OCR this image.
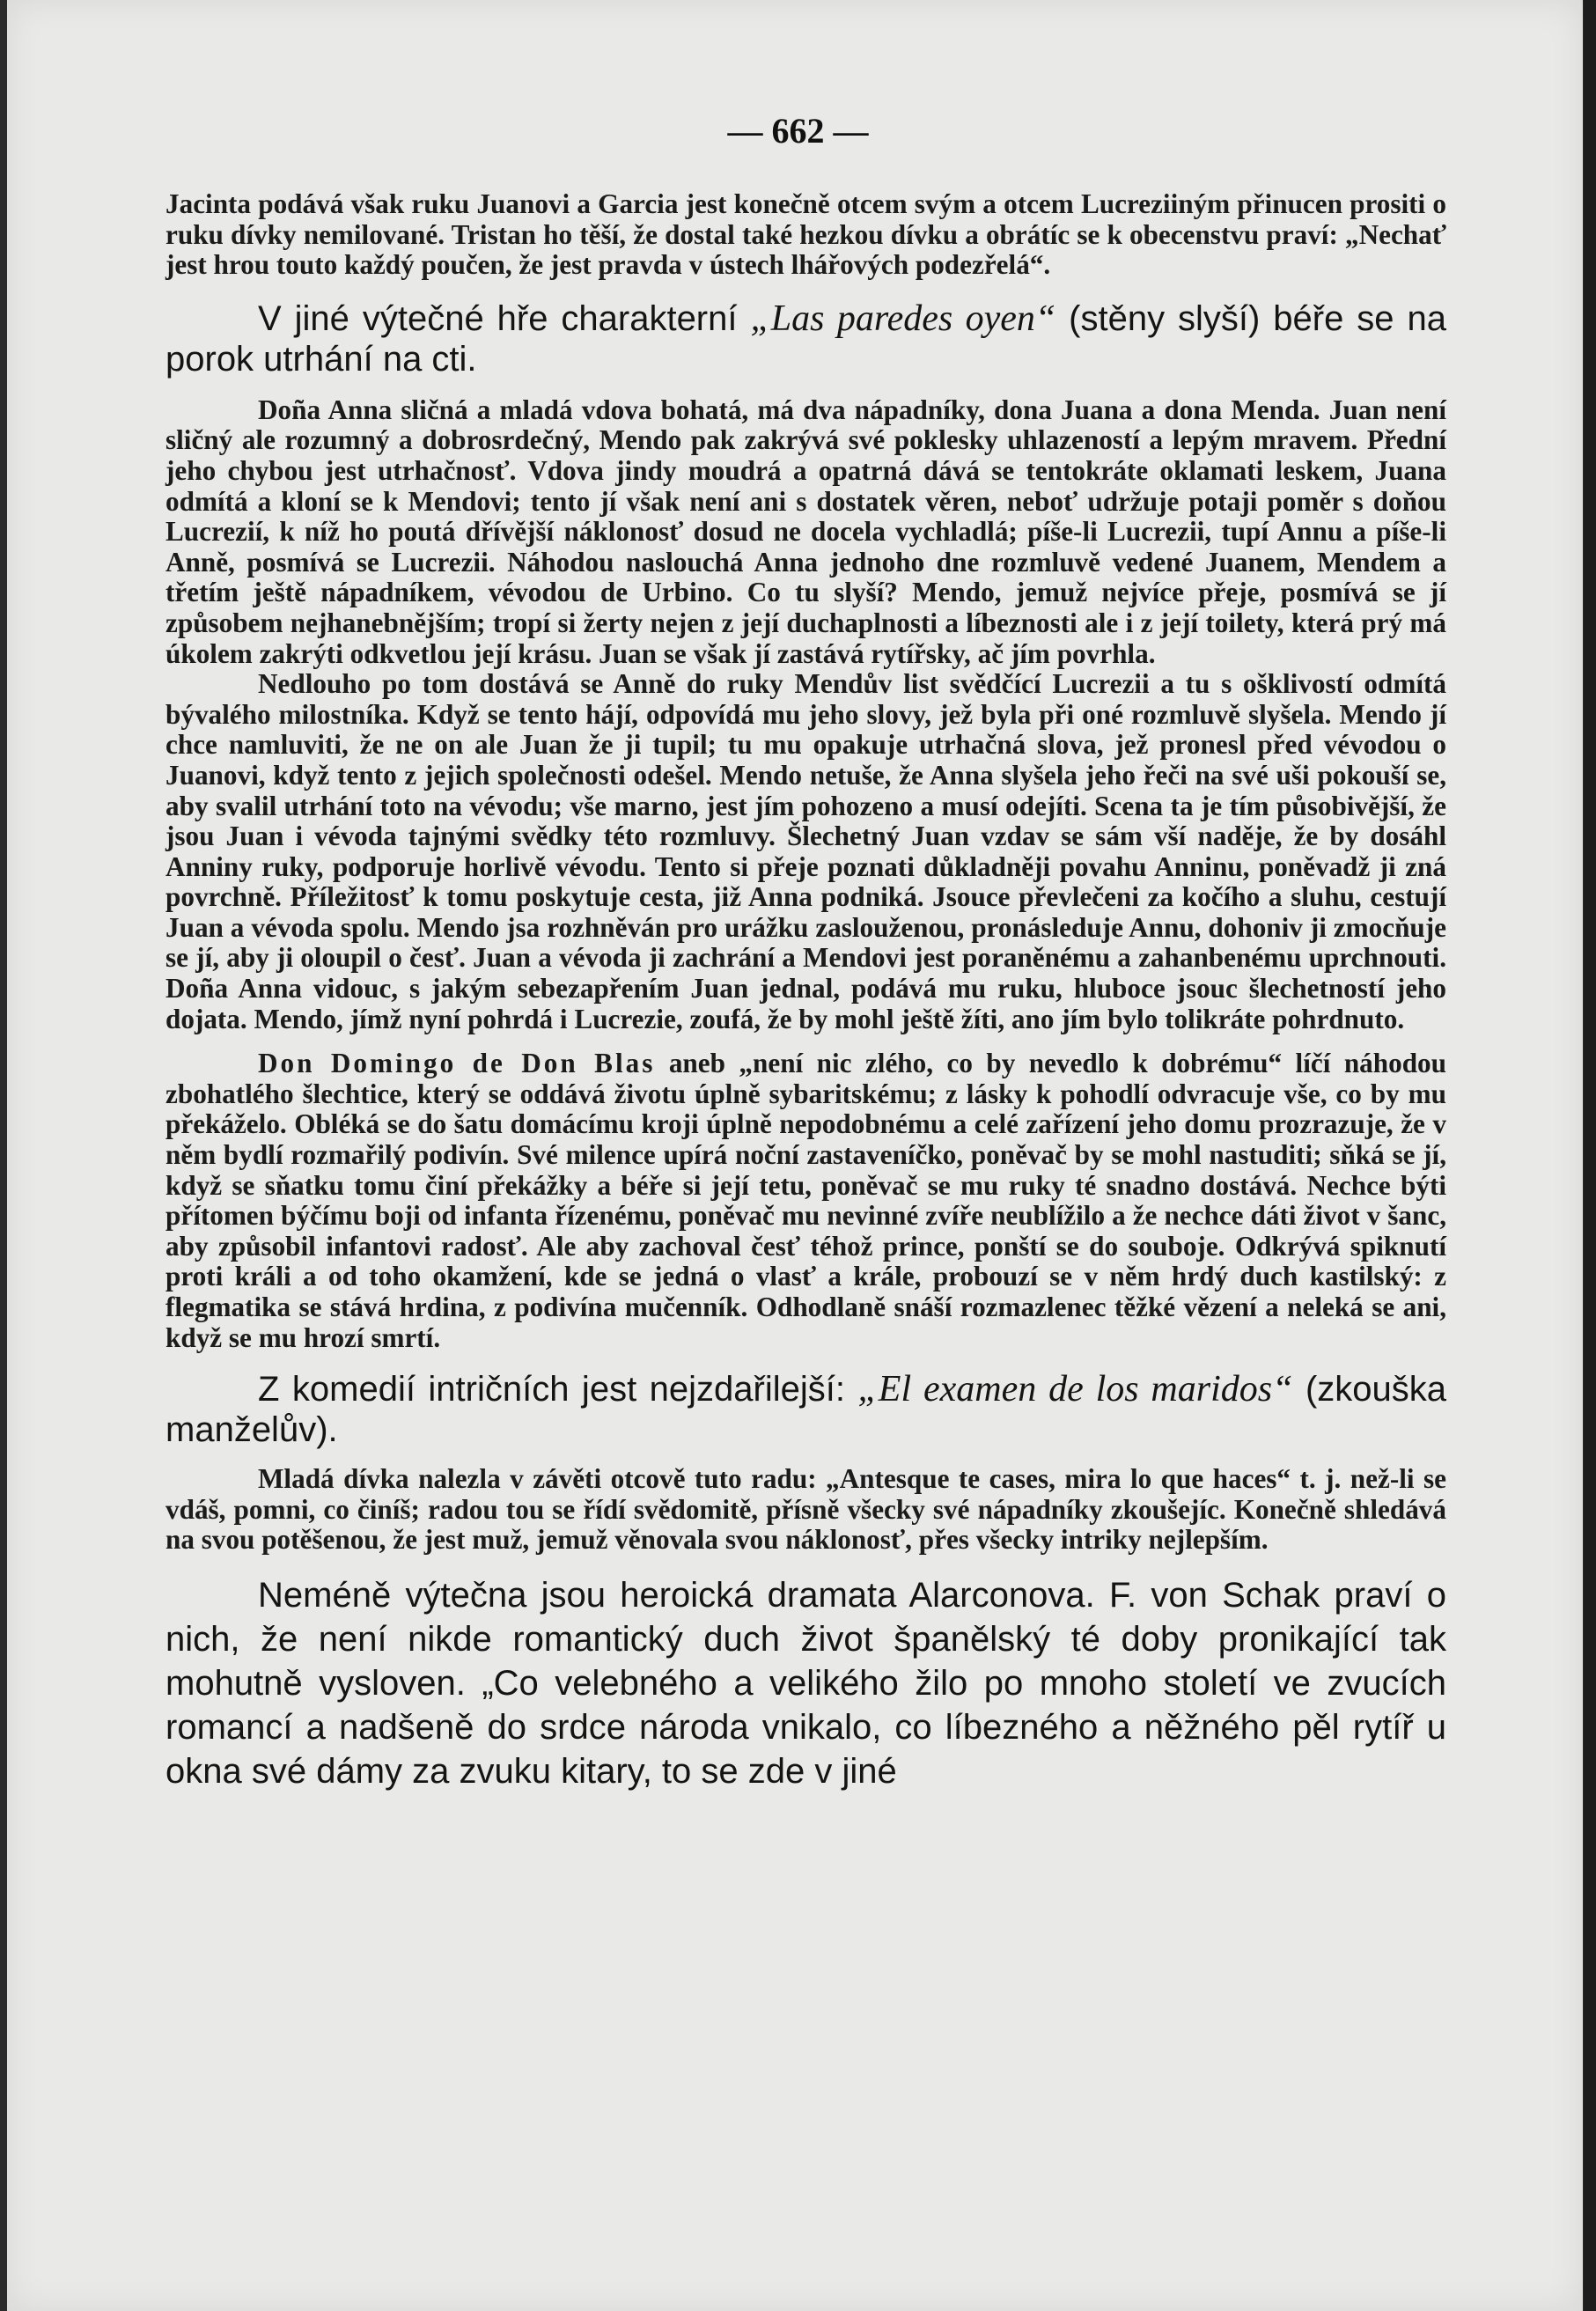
— 662 —

Jacinta podává však ruku Juanovi a Garcia jest konečně otcem svým a otcem Lucreziiným přinucen prositi o ruku dívky nemilované. Tristan ho těší, že dostal také hezkou dívku a obrátíc se k obecenstvu praví: „Nechať jest hrou touto každý poučen, že jest pravda v ústech lhářových podezřelá“.

V jiné výtečné hře charakterní „Las paredes oyen“ (stěny slyší) béře se na porok utrhání na cti.

Doña Anna sličná a mladá vdova bohatá, má dva nápadníky, dona Juana a dona Menda. Juan není sličný ale rozumný a dobrosrdečný, Mendo pak zakrývá své poklesky uhlazeností a lepým mravem. Přední jeho chybou jest utrhačnosť. Vdova jindy moudrá a opatrná dává se tentokráte oklamati leskem, Juana odmítá a kloní se k Mendovi; tento jí však není ani s dostatek věren, neboť udržuje potaji poměr s doňou Lucrezií, k níž ho poutá dřívější náklonosť dosud ne docela vychladlá; píše-li Lucrezii, tupí Annu a píše-li Anně, posmívá se Lucrezii. Náhodou naslouchá Anna jednoho dne rozmluvě vedené Juanem, Mendem a třetím ještě nápadníkem, vévodou de Urbino. Co tu slyší? Mendo, jemuž nejvíce přeje, posmívá se jí způsobem nejhanebnějším; tropí si žerty nejen z její duchaplnosti a líbeznosti ale i z její toilety, která prý má úkolem zakrýti odkvetlou její krásu. Juan se však jí zastává rytířsky, ač jím povrhla.

Nedlouho po tom dostává se Anně do ruky Mendův list svědčící Lucrezii a tu s ošklivostí odmítá bývalého milostníka. Když se tento hájí, odpovídá mu jeho slovy, jež byla při oné rozmluvě slyšela. Mendo jí chce namluviti, že ne on ale Juan že ji tupil; tu mu opakuje utrhačná slova, jež pronesl před vévodou o Juanovi, když tento z jejich společnosti odešel. Mendo netuše, že Anna slyšela jeho řeči na své uši pokouší se, aby svalil utrhání toto na vévodu; vše marno, jest jím pohozeno a musí odejíti. Scena ta je tím působivější, že jsou Juan i vévoda tajnými svědky této rozmluvy. Šlechetný Juan vzdav se sám vší naděje, že by dosáhl Anniny ruky, podporuje horlivě vévodu. Tento si přeje poznati důkladněji povahu Anninu, poněvadž ji zná povrchně. Příležitosť k tomu poskytuje cesta, již Anna podniká. Jsouce převlečeni za kočího a sluhu, cestují Juan a vévoda spolu. Mendo jsa rozhněván pro urážku zaslouženou, pronásleduje Annu, dohoniv ji zmocňuje se jí, aby ji oloupil o česť. Juan a vévoda ji zachrání a Mendovi jest poraněnému a zahanbenému uprchnouti. Doña Anna vidouc, s jakým sebezapřením Juan jednal, podává mu ruku, hluboce jsouc šlechetností jeho dojata. Mendo, jímž nyní pohrdá i Lucrezie, zoufá, že by mohl ještě žíti, ano jím bylo tolikráte pohrdnuto.

Don Domingo de Don Blas aneb „není nic zlého, co by nevedlo k dobrému“ líčí náhodou zbohatlého šlechtice, který se oddává životu úplně sybaritskému; z lásky k pohodlí odvracuje vše, co by mu překáželo. Obléká se do šatu domácímu kroji úplně nepodobnému a celé zařízení jeho domu prozrazuje, že v něm bydlí rozmařilý podivín. Své milence upírá noční zastaveníčko, poněvač by se mohl nastuditi; sňká se jí, když se sňatku tomu činí překážky a béře si její tetu, poněvač se mu ruky té snadno dostává. Nechce býti přítomen býčímu boji od infanta řízenému, poněvač mu nevinné zvíře neublížilo a že nechce dáti život v šanc, aby způsobil infantovi radosť. Ale aby zachoval česť téhož prince, ponští se do souboje. Odkrývá spiknutí proti králi a od toho okamžení, kde se jedná o vlasť a krále, probouzí se v něm hrdý duch kastilský: z flegmatika se stává hrdina, z podivína mučenník. Odhodlaně snáší rozmazleneс těžké vězení a neleká se ani, když se mu hrozí smrtí.

Z komedií intričních jest nejzdařilejší: „El examen de los maridos“ (zkouška manželův).

Mladá dívka nalezla v závěti otcově tuto radu: „Antesque te cases, mira lo que haces“ t. j. než-li se vdáš, pomni, co činíš; radou tou se řídí svědomitě, přísně všecky své nápadníky zkoušejíc. Konečně shledává na svou potěšenou, že jest muž, jemuž věnovala svou náklonosť, přes všecky intriky nejlepším.

Neméně výtečna jsou heroická dramata Alarconova. F. von Schak praví o nich, že není nikde romantický duch život španělský té doby pronikající tak mohutně vysloven. „Co velebného a velikého žilo po mnoho století ve zvucích romancí a nadšeně do srdce národa vnikalo, co líbezného a něžného pěl rytíř u okna své dámy za zvuku kitary, to se zde v jiné
